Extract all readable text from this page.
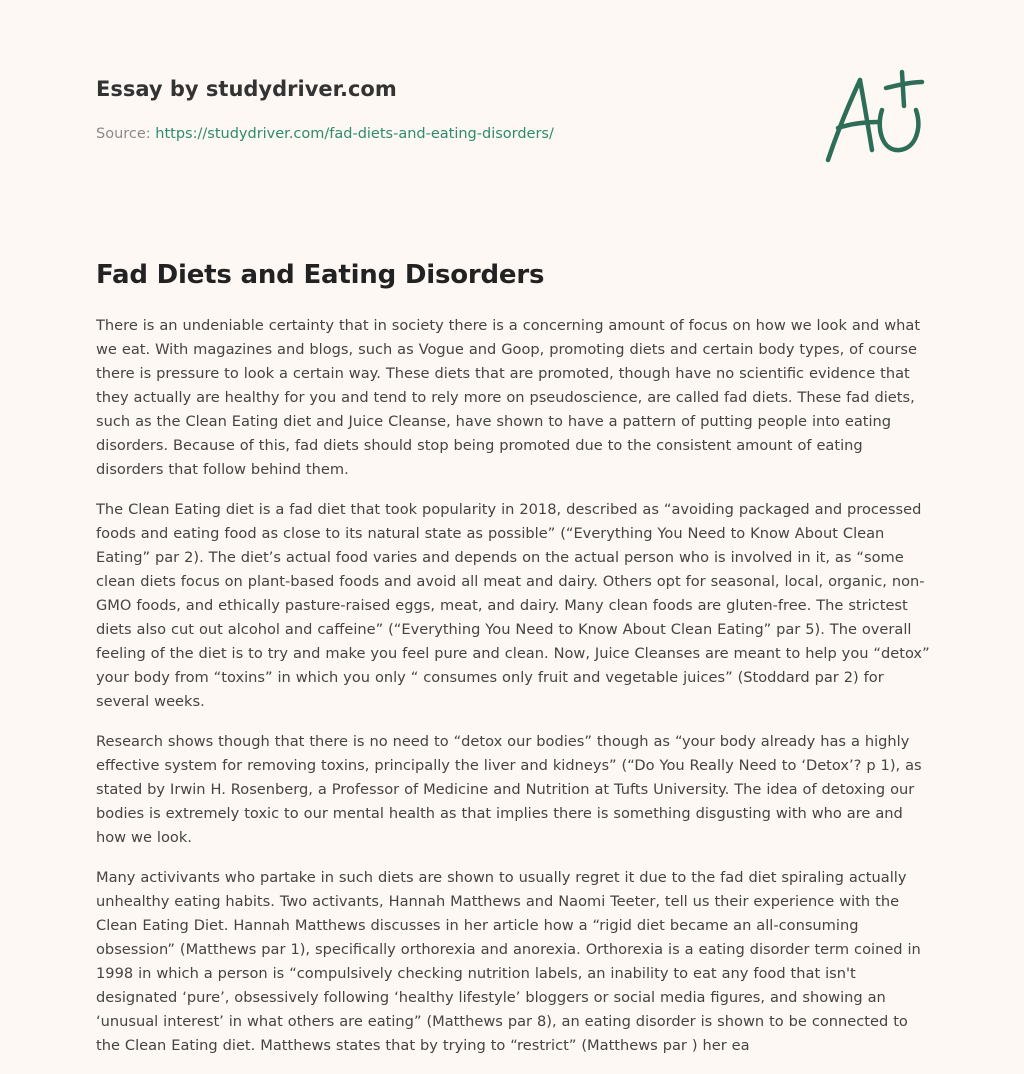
Essay by studydriver.com
Source: https://studydriver.com/fad-diets-and-eating-disorders/
Fad Diets and Eating Disorders

There is an undeniable certainty that in society there is a concerning amount of focus on how we look and what we eat. With magazines and blogs, such as Vogue and Goop, promoting diets and certain body types, of course there is pressure to look a certain way. These diets that are promoted, though have no scientific evidence that they actually are healthy for you and tend to rely more on pseudoscience, are called fad diets. These fad diets, such as the Clean Eating diet and Juice Cleanse, have shown to have a pattern of putting people into eating disorders. Because of this, fad diets should stop being promoted due to the consistent amount of eating disorders that follow behind them.

The Clean Eating diet is a fad diet that took popularity in 2018, described as “avoiding packaged and processed foods and eating food as close to its natural state as possible” (“Everything You Need to Know About Clean Eating” par 2). The diet’s actual food varies and depends on the actual person who is involved in it, as “some clean diets focus on plant-based foods and avoid all meat and dairy. Others opt for seasonal, local, organic, non-GMO foods, and ethically pasture-raised eggs, meat, and dairy. Many clean foods are gluten-free. The strictest diets also cut out alcohol and caffeine” (“Everything You Need to Know About Clean Eating” par 5). The overall feeling of the diet is to try and make you feel pure and clean. Now, Juice Cleanses are meant to help you “detox” your body from “toxins” in which you only “ consumes only fruit and vegetable juices” (Stoddard par 2) for several weeks.

Research shows though that there is no need to “detox our bodies” though as “your body already has a highly effective system for removing toxins, principally the liver and kidneys” (“Do You Really Need to ‘Detox’? p 1), as stated by Irwin H. Rosenberg, a Professor of Medicine and Nutrition at Tufts University. The idea of detoxing our bodies is extremely toxic to our mental health as that implies there is something disgusting with who are and how we look.

Many activivants who partake in such diets are shown to usually regret it due to the fad diet spiraling actually unhealthy eating habits. Two activants, Hannah Matthews and Naomi Teeter, tell us their experience with the Clean Eating Diet. Hannah Matthews discusses in her article how a “rigid diet became an all-consuming obsession” (Matthews par 1), specifically orthorexia and anorexia. Orthorexia is a eating disorder term coined in 1998 in which a person is “compulsively checking nutrition labels, an inability to eat any food that isn't designated ‘pure’, obsessively following ‘healthy lifestyle’ bloggers or social media figures, and showing an ‘unusual interest’ in what others are eating” (Matthews par 8), an eating disorder is shown to be connected to the Clean Eating diet. Matthews states that by trying to “restrict” (Matthews par ) her ea
